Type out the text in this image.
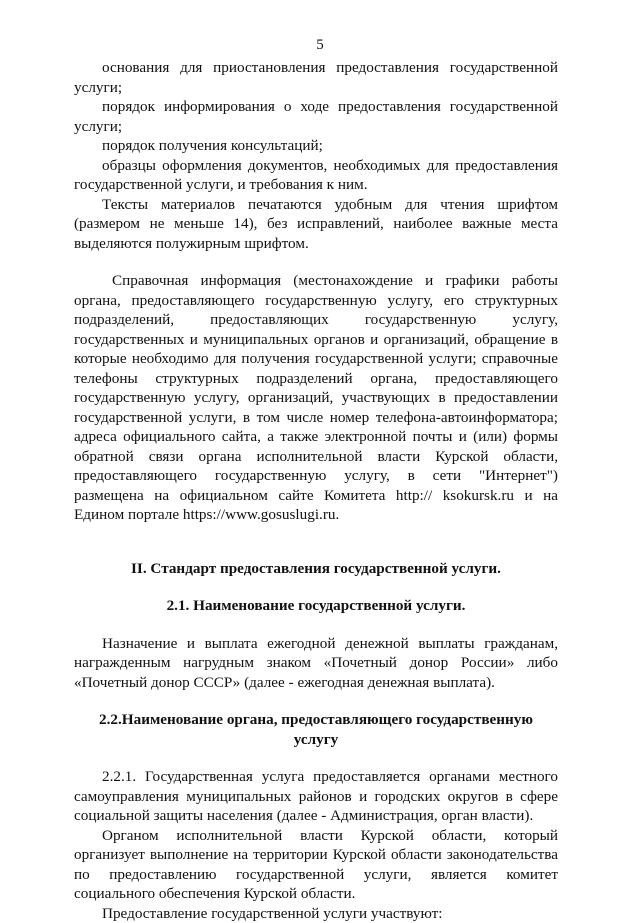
5
основания для приостановления предоставления государственной
услуги;
порядок информирования о ходе предоставления государственной
услуги;
порядок получения консультаций;
образцы оформления документов, необходимых для предоставления
государственной услуги, и требования к ним.
Тексты материалов печатаются удобным для чтения шрифтом
(размером не меньше 14), без исправлений, наиболее важные места
выделяются полужирным шрифтом.
Справочная информация (местонахождение и графики работы
органа, предоставляющего государственную услугу, его структурных
подразделений, предоставляющих государственную услугу,
государственных и муниципальных органов и организаций, обращение в
которые необходимо для получения государственной услуги; справочные
телефоны структурных подразделений органа, предоставляющего
государственную услугу, организаций, участвующих в предоставлении
государственной услуги, в том числе номер телефона-автоинформатора;
адреса официального сайта, а также электронной почты и (или) формы
обратной связи органа исполнительной власти Курской области,
предоставляющего государственную услугу, в сети "Интернет")
размещена на официальном сайте Комитета http:// ksokursk.ru и на
Едином портале https://www.gosuslugi.ru.
II. Стандарт предоставления государственной услуги.
2.1. Наименование государственной услуги.
Назначение и выплата ежегодной денежной выплаты гражданам,
награжденным нагрудным знаком «Почетный донор России» либо
«Почетный донор СССР» (далее - ежегодная денежная выплата).
2.2.Наименование органа, предоставляющего государственную
услугу
2.2.1. Государственная услуга предоставляется органами местного
самоуправления муниципальных районов и городских округов в сфере
социальной защиты населения (далее - Администрация, орган власти).
Органом исполнительной власти Курской области, который
организует выполнение на территории Курской области законодательства
по предоставлению государственной услуги, является комитет
социального обеспечения Курской области.
Предоставление государственной услуги участвуют:
